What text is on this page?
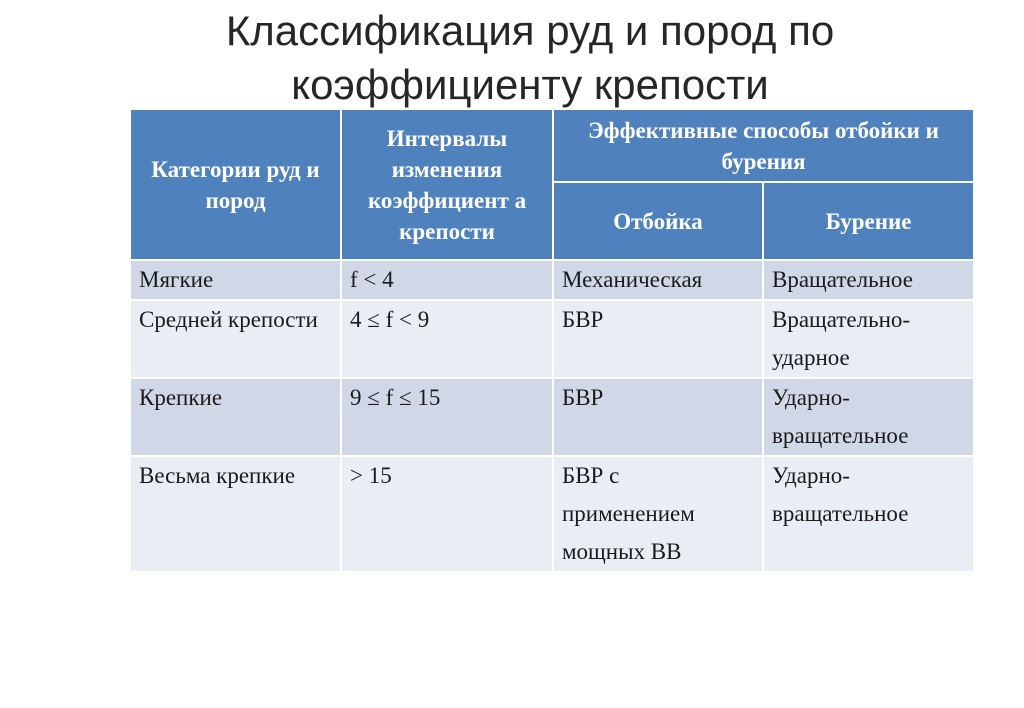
Классификация руд и пород по
коэффициенту крепости
Категории руд и пород	Интервалы изменения коэффициент а крепости	Эффективные способы отбойки и бурения	
		Отбойка	Бурение
Мягкие	f < 4	Механическая	Вращательное
Средней крепости	4 ≤ f < 9	БВР	Вращательно-ударное
Крепкие	9 ≤ f ≤ 15	БВР	Ударно-вращательное
Весьма крепкие	> 15	БВР с применением мощных ВВ	Ударно-вращательное
